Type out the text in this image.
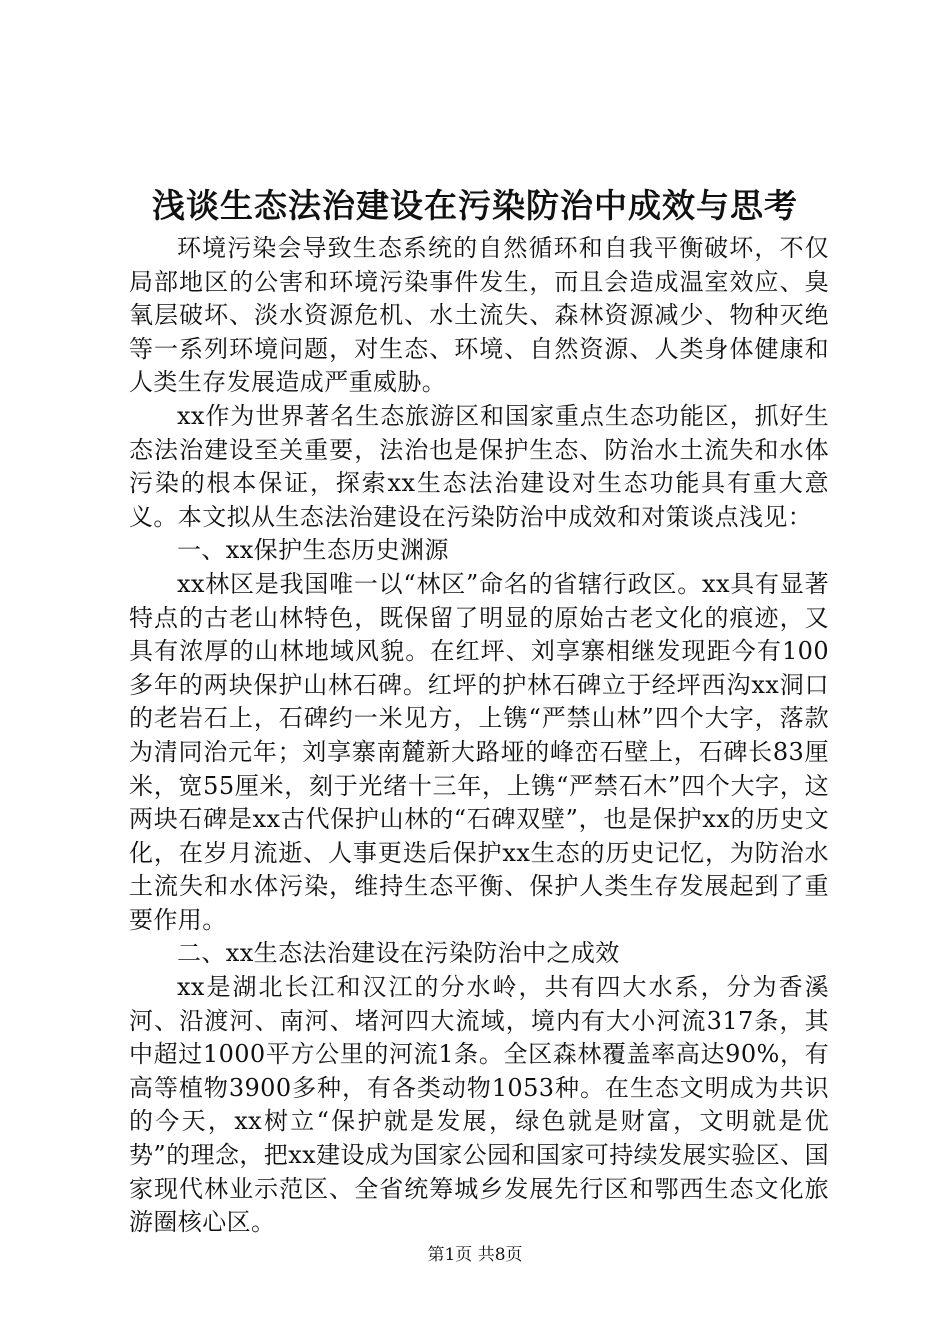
浅谈生态法治建设在污染防治中成效与思考

环境污染会导致生态系统的自然循环和自我平衡破坏，不仅局部地区的公害和环境污染事件发生，而且会造成温室效应、臭氧层破坏、淡水资源危机、水土流失、森林资源减少、物种灭绝等一系列环境问题，对生态、环境、自然资源、人类身体健康和人类生存发展造成严重威胁。

xx作为世界著名生态旅游区和国家重点生态功能区，抓好生态法治建设至关重要，法治也是保护生态、防治水土流失和水体污染的根本保证，探索xx生态法治建设对生态功能具有重大意义。本文拟从生态法治建设在污染防治中成效和对策谈点浅见：

一、xx保护生态历史渊源

xx林区是我国唯一以“林区”命名的省辖行政区。xx具有显著特点的古老山林特色，既保留了明显的原始古老文化的痕迹，又具有浓厚的山林地域风貌。在红坪、刘享寨相继发现距今有100多年的两块保护山林石碑。红坪的护林石碑立于经坪西沟xx洞口的老岩石上，石碑约一米见方，上镌“严禁山林”四个大字，落款为清同治元年；刘享寨南麓新大路垭的峰峦石壁上，石碑长83厘米，宽55厘米，刻于光绪十三年，上镌“严禁石木”四个大字，这两块石碑是xx古代保护山林的“石碑双壁”，也是保护xx的历史文化，在岁月流逝、人事更迭后保护xx生态的历史记忆，为防治水土流失和水体污染，维持生态平衡、保护人类生存发展起到了重要作用。

二、xx生态法治建设在污染防治中之成效

xx是湖北长江和汉江的分水岭，共有四大水系，分为香溪河、沿渡河、南河、堵河四大流域，境内有大小河流317条，其中超过1000平方公里的河流1条。全区森林覆盖率高达90%，有高等植物3900多种，有各类动物1053种。在生态文明成为共识的今天，xx树立“保护就是发展，绿色就是财富，文明就是优势”的理念，把xx建设成为国家公园和国家可持续发展实验区、国家现代林业示范区、全省统筹城乡发展先行区和鄂西生态文化旅游圈核心区。

第1页 共8页
